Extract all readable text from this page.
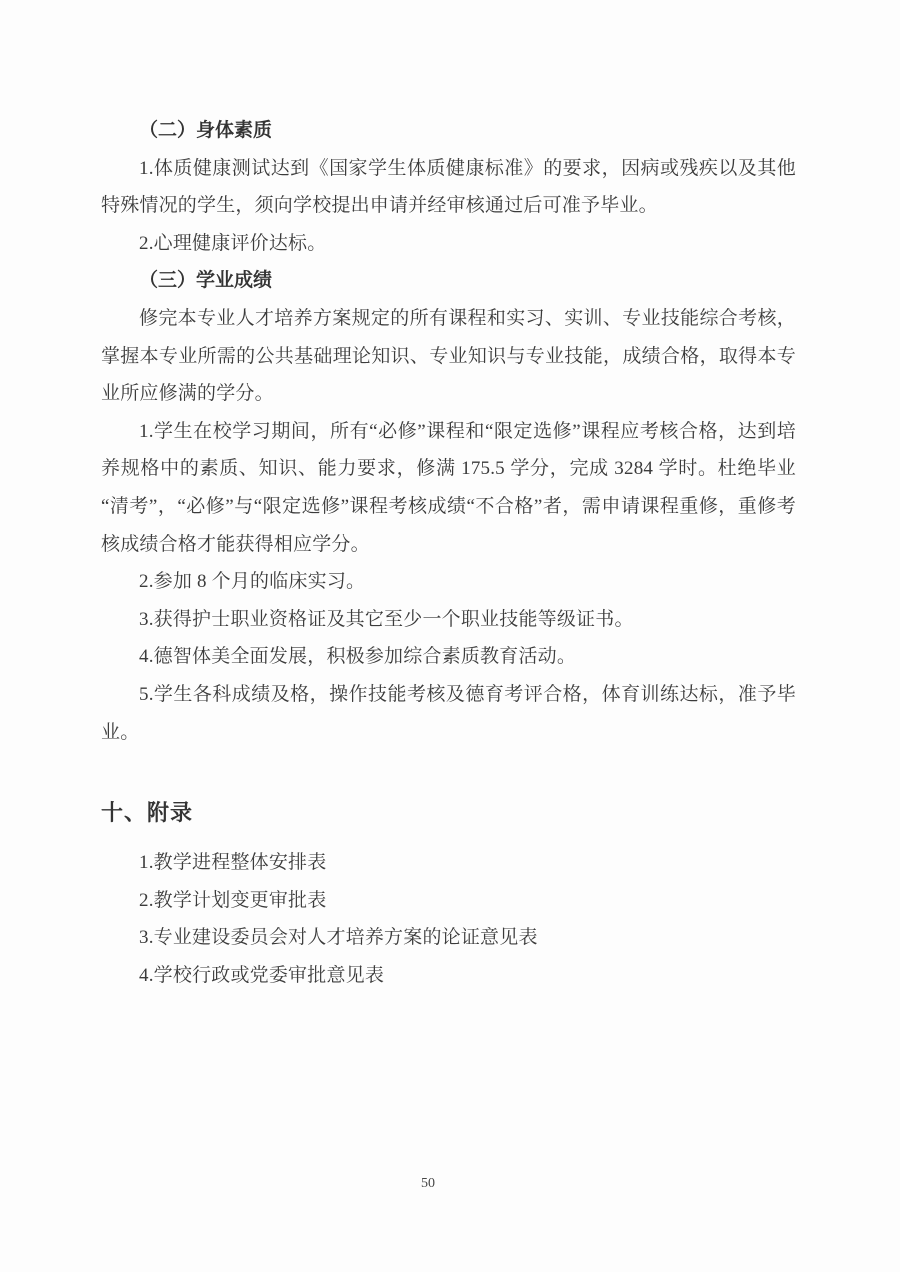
（二）身体素质

1.体质健康测试达到《国家学生体质健康标准》的要求，因病或残疾以及其他特殊情况的学生，须向学校提出申请并经审核通过后可准予毕业。

2.心理健康评价达标。

（三）学业成绩

修完本专业人才培养方案规定的所有课程和实习、实训、专业技能综合考核，掌握本专业所需的公共基础理论知识、专业知识与专业技能，成绩合格，取得本专业所应修满的学分。

1.学生在校学习期间，所有“必修”课程和“限定选修”课程应考核合格，达到培养规格中的素质、知识、能力要求，修满 175.5 学分，完成 3284 学时。杜绝毕业“清考”，“必修”与“限定选修”课程考核成绩“不合格”者，需申请课程重修，重修考核成绩合格才能获得相应学分。

2.参加 8 个月的临床实习。

3.获得护士职业资格证及其它至少一个职业技能等级证书。

4.德智体美全面发展，积极参加综合素质教育活动。

5.学生各科成绩及格，操作技能考核及德育考评合格，体育训练达标，准予毕业。

十、附录

1.教学进程整体安排表

2.教学计划变更审批表

3.专业建设委员会对人才培养方案的论证意见表

4.学校行政或党委审批意见表

50
